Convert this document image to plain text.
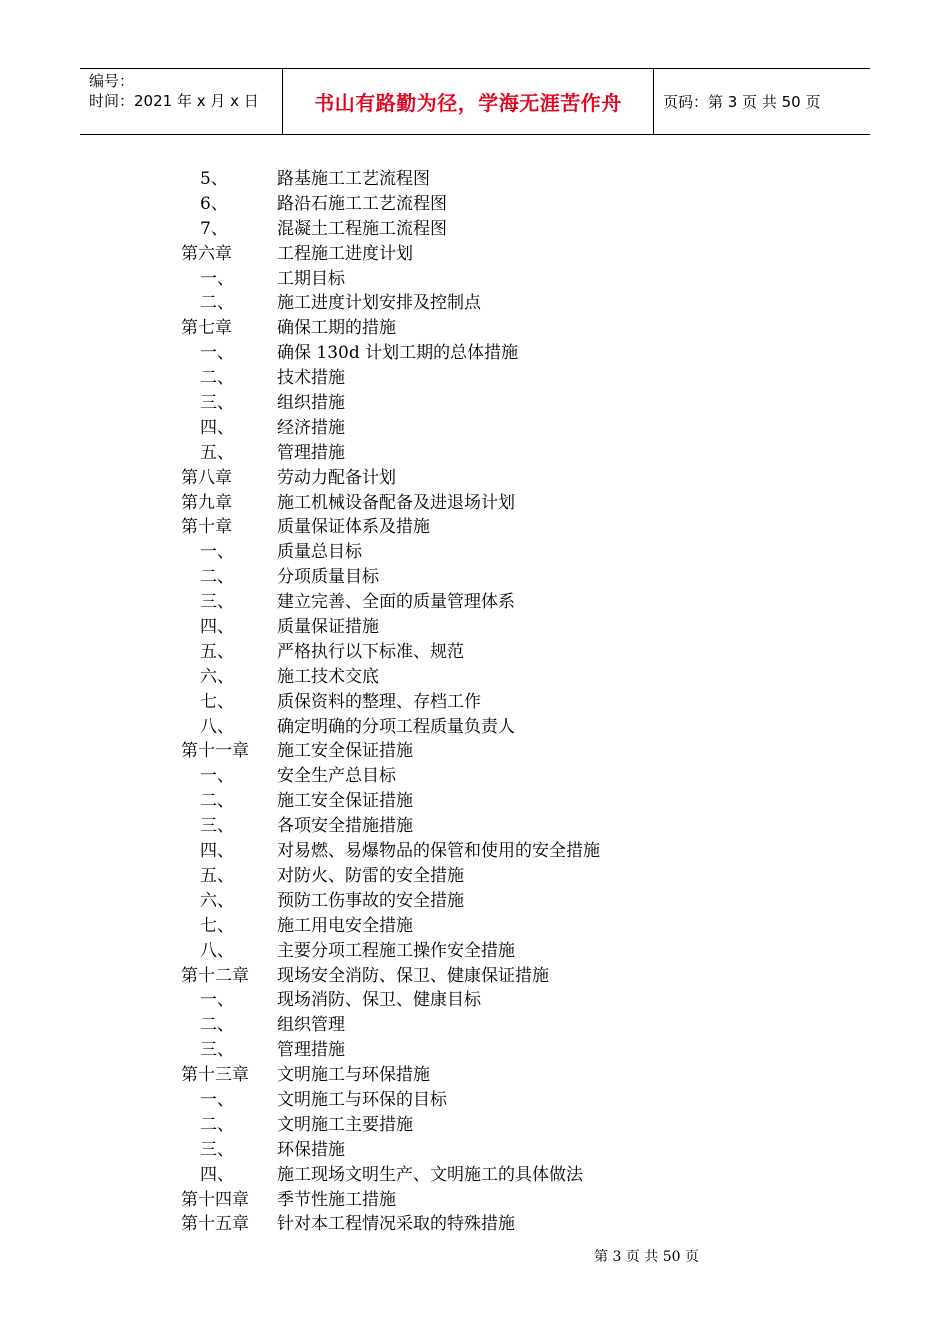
编号：
时间：2021 年 x 月 x 日	书山有路勤为径，学海无涯苦作舟	页码：第 3 页 共 50 页
5、	路基施工工艺流程图
6、	路沿石施工工艺流程图
7、	混凝土工程施工流程图
第六章	工程施工进度计划
一、	工期目标
二、	施工进度计划安排及控制点
第七章	确保工期的措施
一、	确保 130d 计划工期的总体措施
二、	技术措施
三、	组织措施
四、	经济措施
五、	管理措施
第八章	劳动力配备计划
第九章	施工机械设备配备及进退场计划
第十章	质量保证体系及措施
一、	质量总目标
二、	分项质量目标
三、	建立完善、全面的质量管理体系
四、	质量保证措施
五、	严格执行以下标准、规范
六、	施工技术交底
七、	质保资料的整理、存档工作
八、	确定明确的分项工程质量负责人
第十一章 施工安全保证措施
一、	安全生产总目标
二、	施工安全保证措施
三、	各项安全措施措施
四、	对易燃、易爆物品的保管和使用的安全措施
五、	对防火、防雷的安全措施
六、	预防工伤事故的安全措施
七、	施工用电安全措施
八、	主要分项工程施工操作安全措施
第十二章 现场安全消防、保卫、健康保证措施
一、	现场消防、保卫、健康目标
二、	组织管理
三、	管理措施
第十三章 文明施工与环保措施
一、	文明施工与环保的目标
二、	文明施工主要措施
三、	环保措施
四、	施工现场文明生产、文明施工的具体做法
第十四章 季节性施工措施
第十五章 针对本工程情况采取的特殊措施
第 3 页 共 50 页
